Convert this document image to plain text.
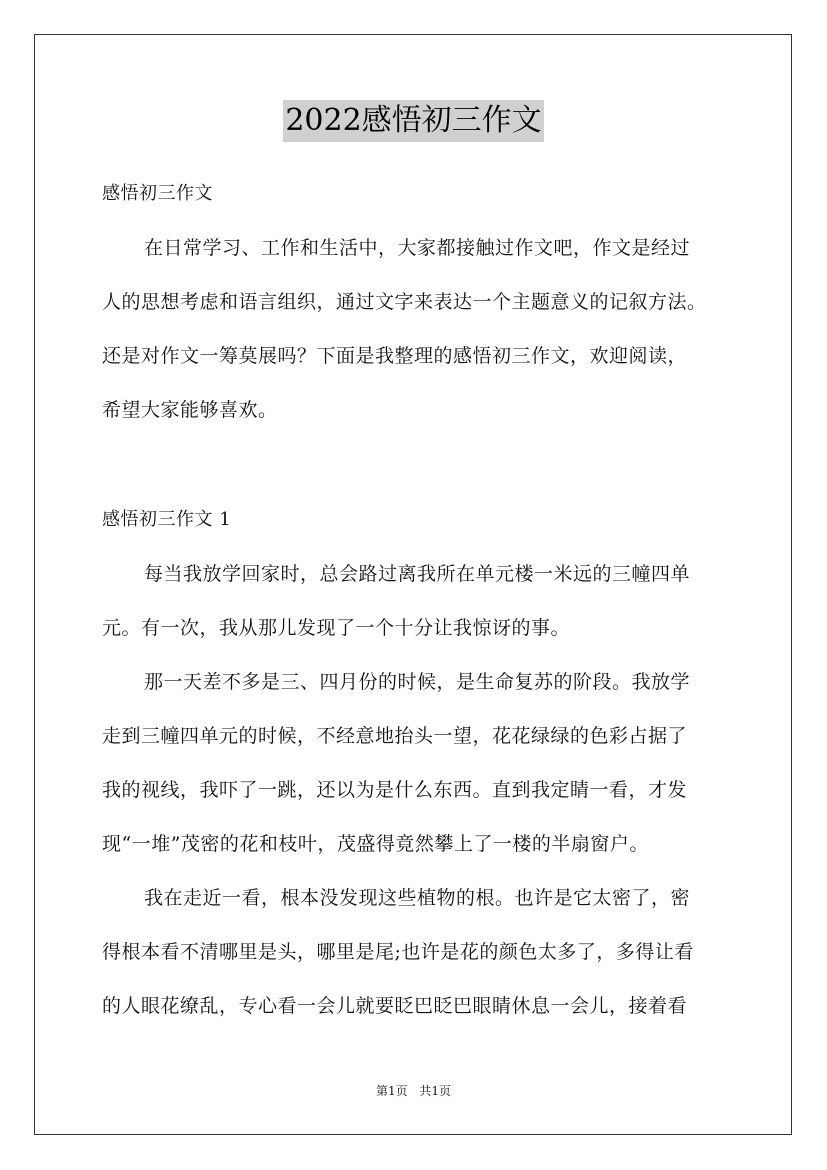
2022感悟初三作文
感悟初三作文
在日常学习、工作和生活中，大家都接触过作文吧，作文是经过
人的思想考虑和语言组织，通过文字来表达一个主题意义的记叙方法。
还是对作文一筹莫展吗？下面是我整理的感悟初三作文，欢迎阅读，
希望大家能够喜欢。
感悟初三作文 1
每当我放学回家时，总会路过离我所在单元楼一米远的三幢四单
元。有一次，我从那儿发现了一个十分让我惊讶的事。
那一天差不多是三、四月份的时候，是生命复苏的阶段。我放学
走到三幢四单元的时候，不经意地抬头一望，花花绿绿的色彩占据了
我的视线，我吓了一跳，还以为是什么东西。直到我定睛一看，才发
现“一堆”茂密的花和枝叶，茂盛得竟然攀上了一楼的半扇窗户。
我在走近一看，根本没发现这些植物的根。也许是它太密了，密
得根本看不清哪里是头，哪里是尾;也许是花的颜色太多了，多得让看
的人眼花缭乱，专心看一会儿就要眨巴眨巴眼睛休息一会儿，接着看
第1页 共1页
